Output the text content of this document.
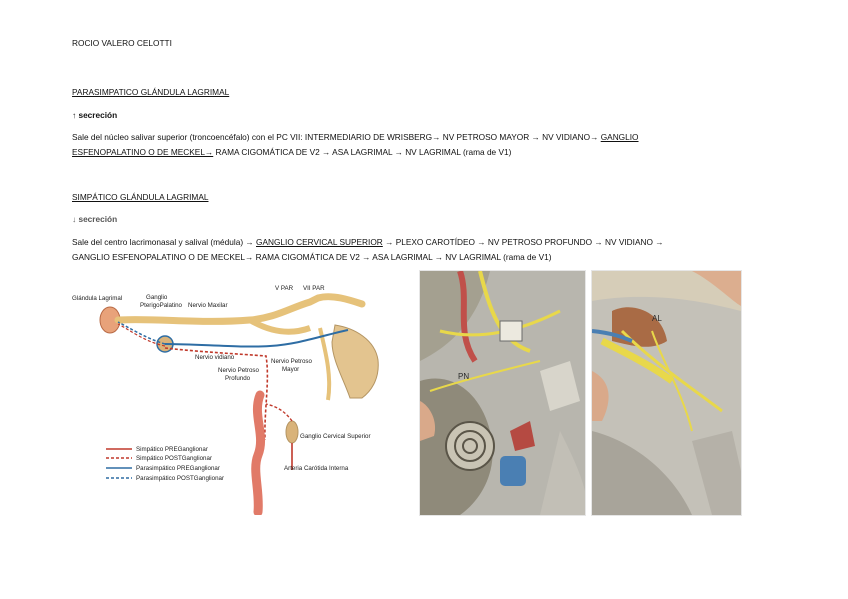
ROCIO VALERO CELOTTI
PARASIMPATICO GLÁNDULA LAGRIMAL
↑ secreción
Sale del núcleo salivar superior (troncoencéfalo) con el PC VII: INTERMEDIARIO DE WRISBERG→ NV PETROSO MAYOR → NV VIDIANO→ GANGLIO
ESFENOPALATINO O DE MECKEL→ RAMA CIGOMÁTICA DE V2 → ASA LAGRIMAL → NV LAGRIMAL (rama de V1)
SIMPÁTICO GLÁNDULA LAGRIMAL
↓ secreción
Sale del centro lacrimonasal y salival (médula) → GANGLIO CERVICAL SUPERIOR → PLEXO CAROTÍDEO → NV PETROSO PROFUNDO → NV VIDIANO →
GANGLIO ESFENOPALATINO O DE MECKEL→ RAMA CIGOMÁTICA DE V2 → ASA LAGRIMAL → NV LAGRIMAL (rama de V1)
Glándula Lagrimal	Ganglio
PterigoPalatino Nervio Maxilar
V PAR VII PAR
Nervio vidiano
Nervio Petroso
Mayor
Nervio Petroso
Profundo
Ganglio Cervical Superior
Arteria Carótida Interna
Simpático PREGanglionar
Simpático POSTGanglionar
Parasimpático PREGanglionar
Parasimpático POSTGanglionar
PN
AL
